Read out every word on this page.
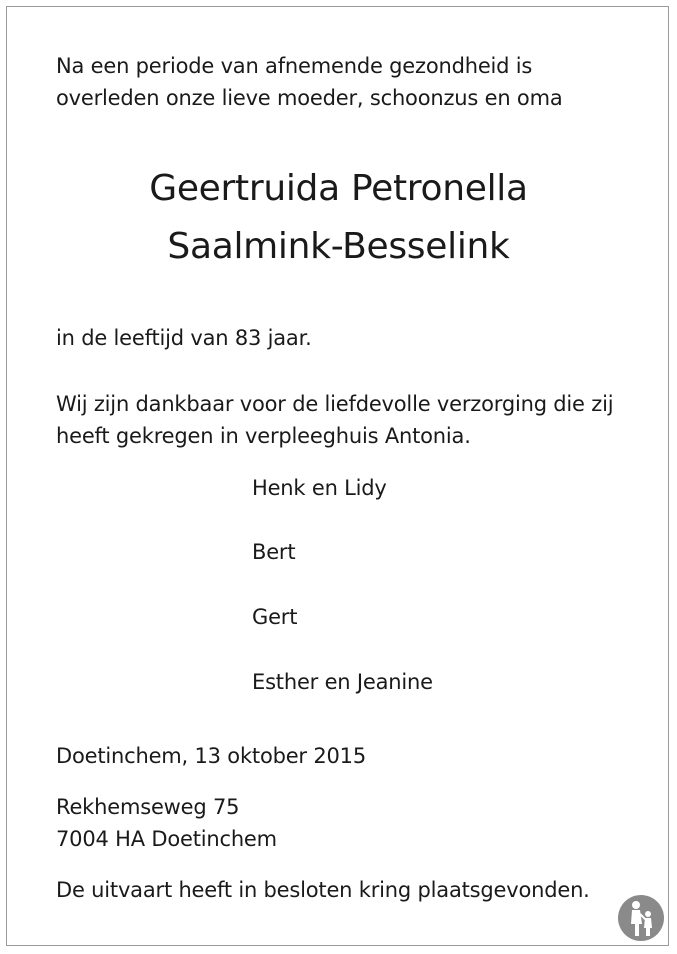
Na een periode van afnemende gezondheid is
overleden onze lieve moeder, schoonzus en oma
Geertruida Petronella
Saalmink-Besselink
in de leeftijd van 83 jaar.
Wij zijn dankbaar voor de liefdevolle verzorging die zij
heeft gekregen in verpleeghuis Antonia.
Henk en Lidy
Bert
Gert
Esther en Jeanine
Doetinchem, 13 oktober 2015
Rekhemseweg 75
7004 HA Doetinchem
De uitvaart heeft in besloten kring plaatsgevonden.
